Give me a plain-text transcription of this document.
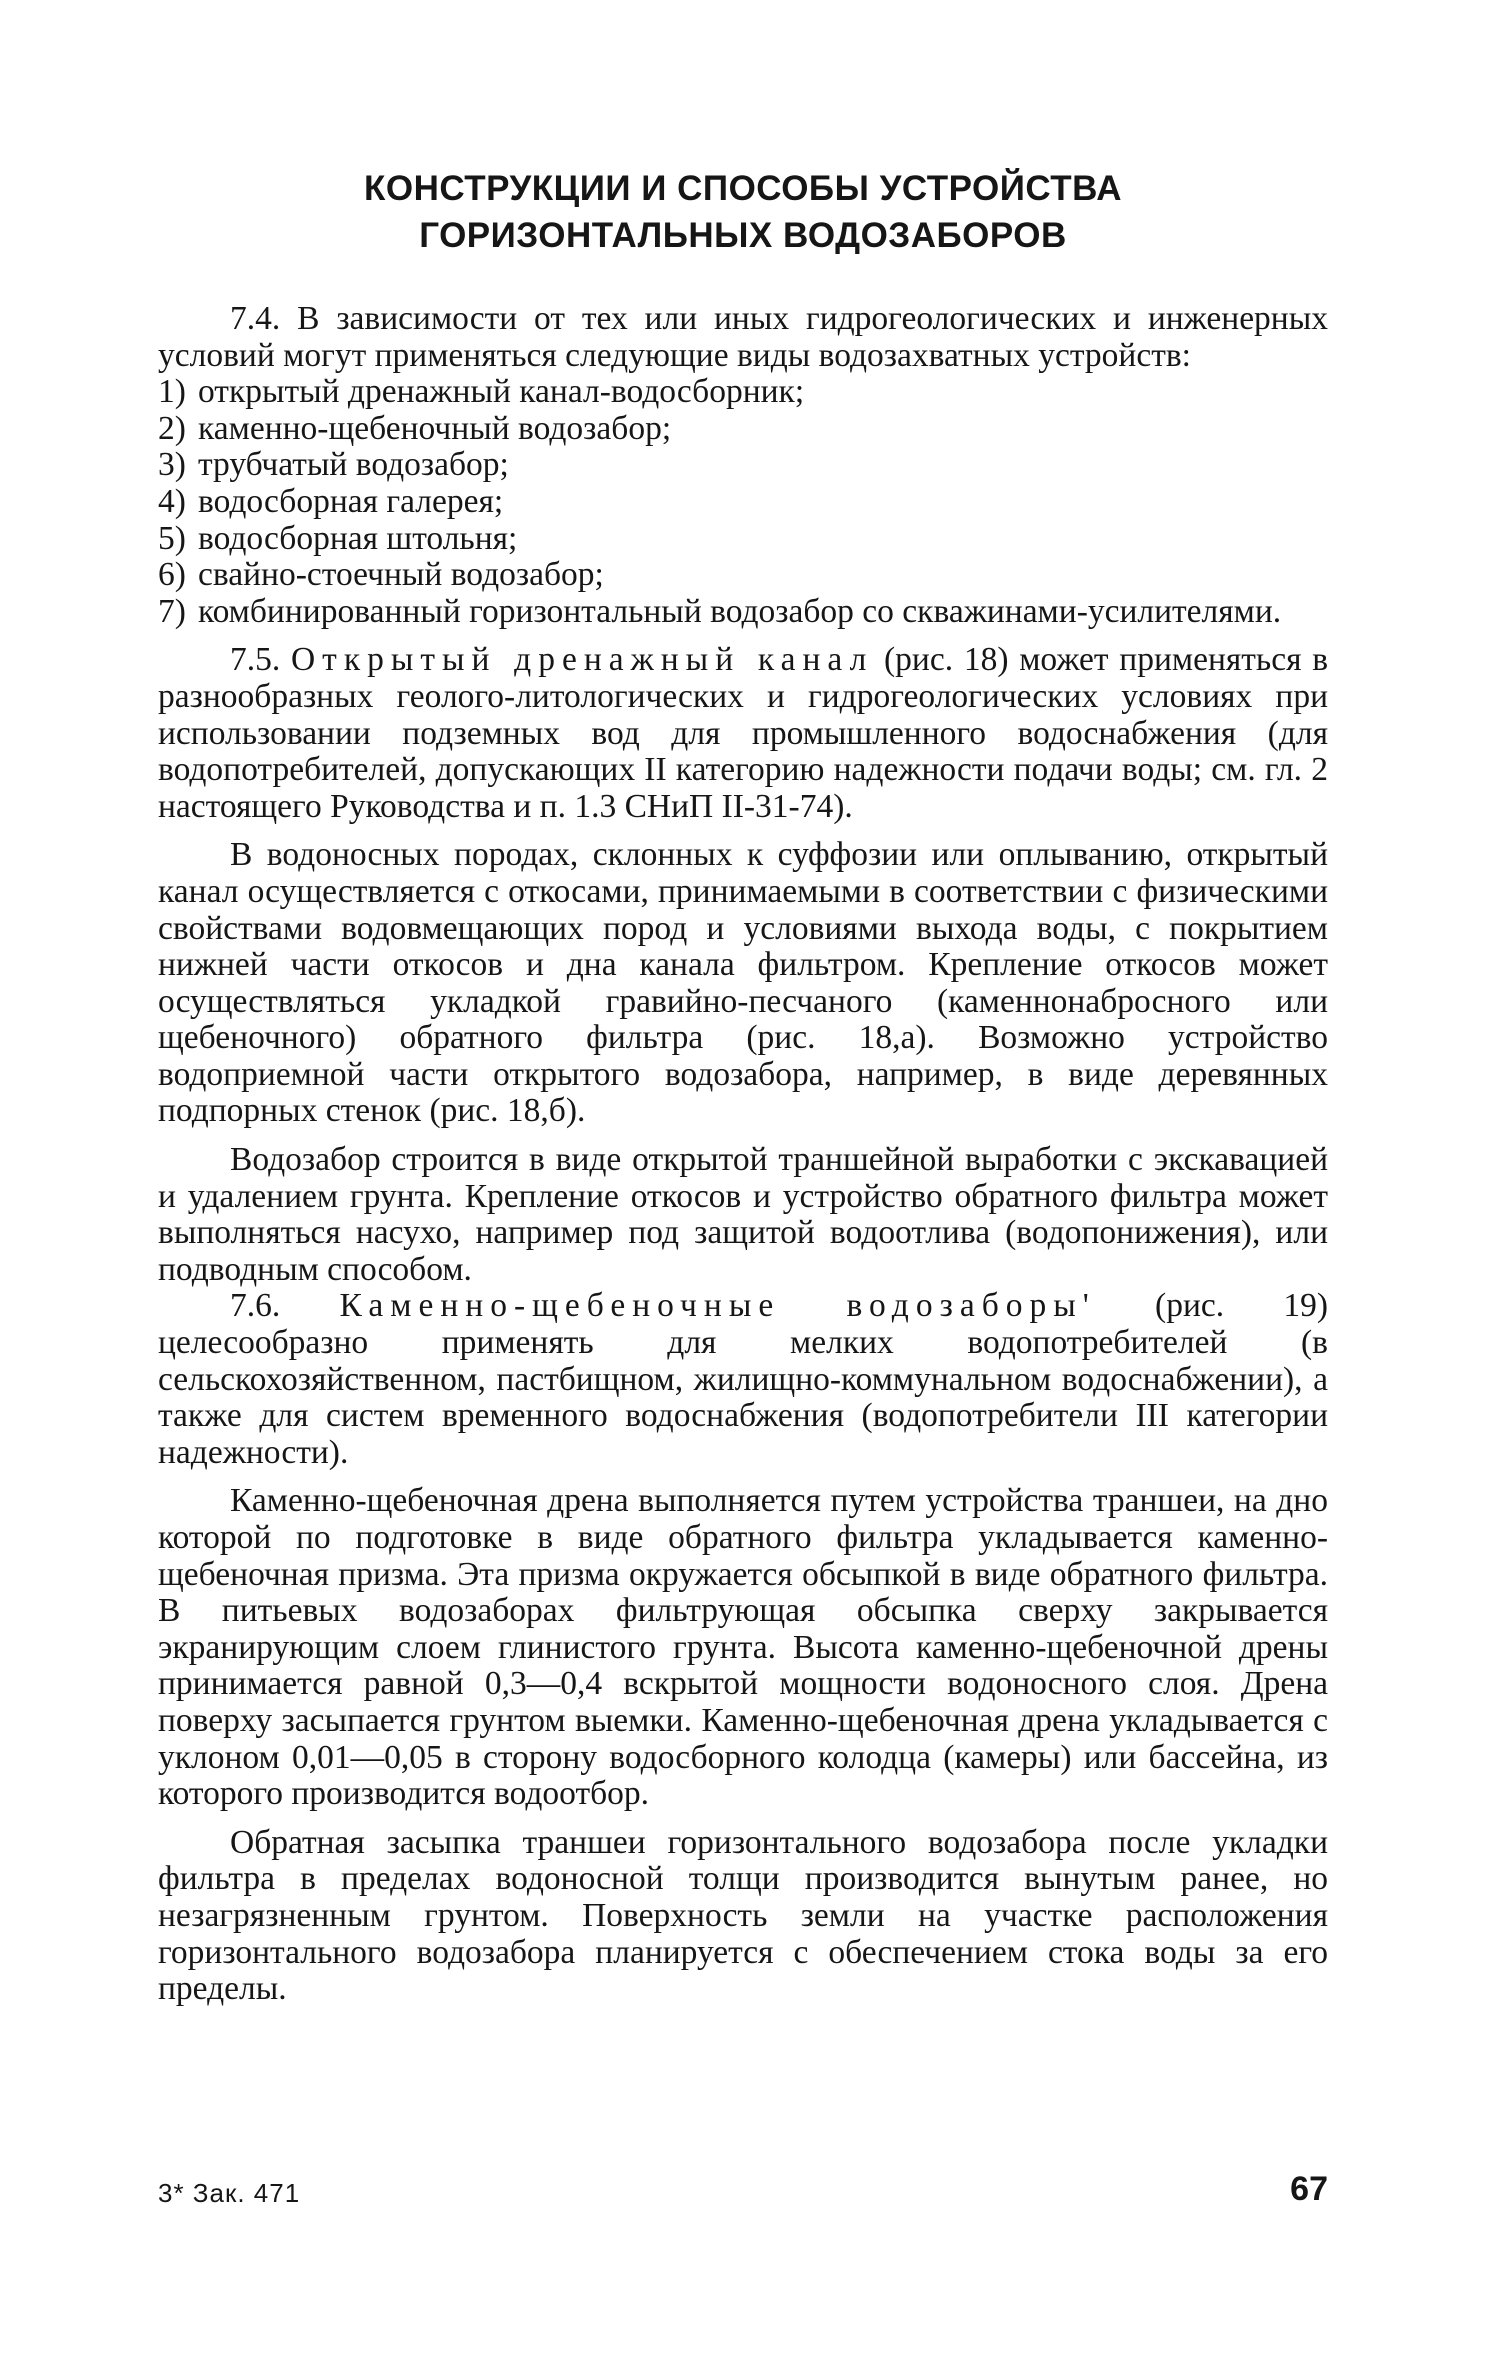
КОНСТРУКЦИИ И СПОСОБЫ УСТРОЙСТВА
ГОРИЗОНТАЛЬНЫХ ВОДОЗАБОРОВ

7.4. В зависимости от тех или иных гидрогеологических и инженерных условий могут применяться следующие виды водозахватных устройств:

1) открытый дренажный канал-водосборник;
2) каменно-щебеночный водозабор;
3) трубчатый водозабор;
4) водосборная галерея;
5) водосборная штольня;
6) свайно-стоечный водозабор;
7) комбинированный горизонтальный водозабор со скважинами-усилителями.

7.5. Открытый дренажный канал (рис. 18) может применяться в разнообразных геолого-литологических и гидрогеологических условиях при использовании подземных вод для промышленного водоснабжения (для водопотребителей, допускающих II категорию надежности подачи воды; см. гл. 2 настоящего Руководства и п. 1.3 СНиП II-31-74).

В водоносных породах, склонных к суффозии или оплыванию, открытый канал осуществляется с откосами, принимаемыми в соответствии с физическими свойствами водовмещающих пород и условиями выхода воды, с покрытием нижней части откосов и дна канала фильтром. Крепление откосов может осуществляться укладкой гравийно-песчаного (каменнонабросного или щебеночного) обратного фильтра (рис. 18,а). Возможно устройство водоприемной части открытого водозабора, например, в виде деревянных подпорных стенок (рис. 18,б).

Водозабор строится в виде открытой траншейной выработки с экскавацией и удалением грунта. Крепление откосов и устройство обратного фильтра может выполняться насухо, например под защитой водоотлива (водопонижения), или подводным способом.

7.6. Каменно-щебеночные водозаборы' (рис. 19) целесообразно применять для мелких водопотребителей (в сельскохозяйственном, пастбищном, жилищно-коммунальном водоснабжении), а также для систем временного водоснабжения (водопотребители III категории надежности).

Каменно-щебеночная дрена выполняется путем устройства траншеи, на дно которой по подготовке в виде обратного фильтра укладывается каменно-щебеночная призма. Эта призма окружается обсыпкой в виде обратного фильтра. В питьевых водозаборах фильтрующая обсыпка сверху закрывается экранирующим слоем глинистого грунта. Высота каменно-щебеночной дрены принимается равной 0,3—0,4 вскрытой мощности водоносного слоя. Дрена поверху засыпается грунтом выемки. Каменно-щебеночная дрена укладывается с уклоном 0,01—0,05 в сторону водосборного колодца (камеры) или бассейна, из которого производится водоотбор.

Обратная засыпка траншеи горизонтального водозабора после укладки фильтра в пределах водоносной толщи производится вынутым ранее, но незагрязненным грунтом. Поверхность земли на участке расположения горизонтального водозабора планируется с обеспечением стока воды за его пределы.

3* Зак. 471	67
